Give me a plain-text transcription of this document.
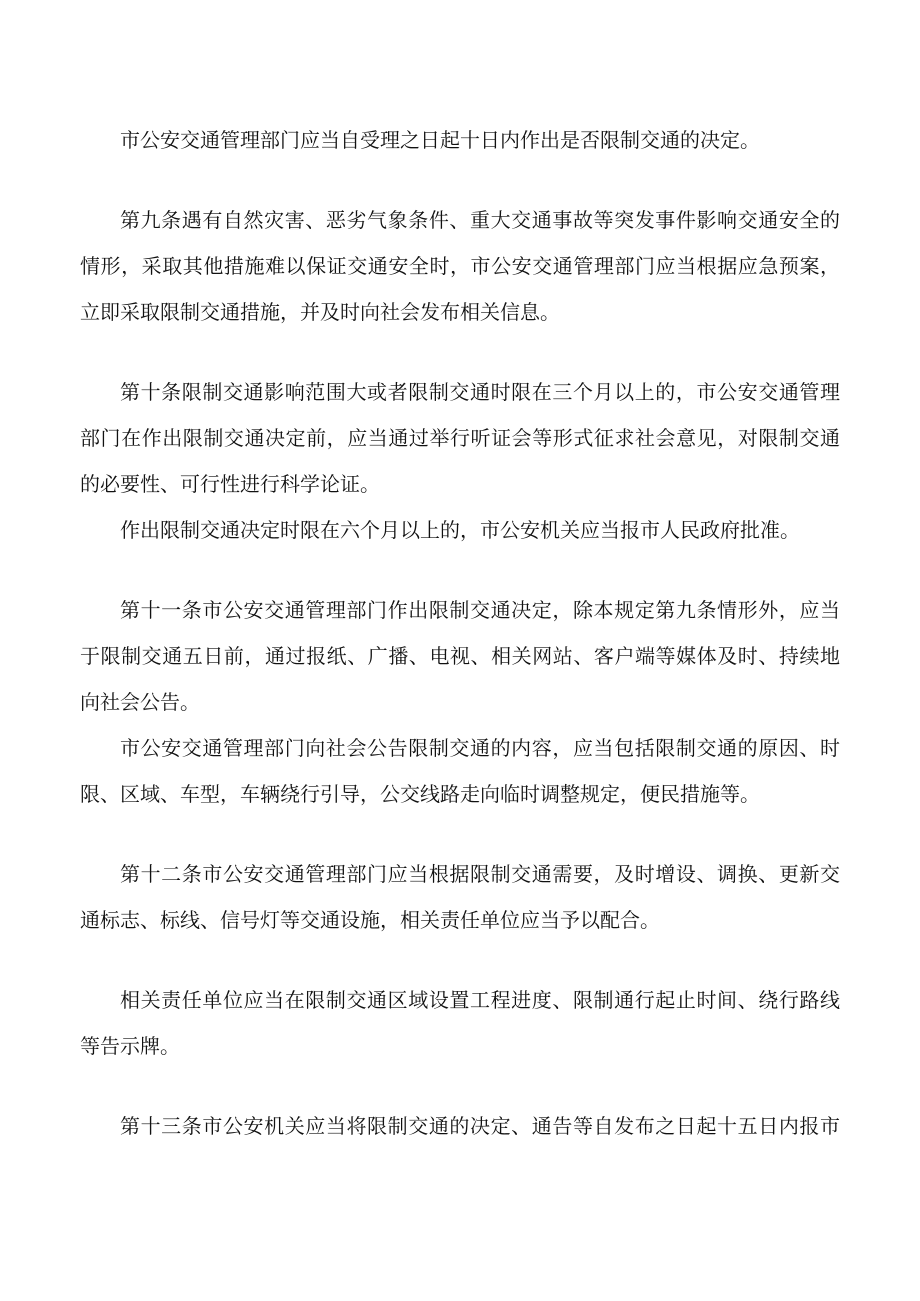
市公安交通管理部门应当自受理之日起十日内作出是否限制交通的决定。
第九条遇有自然灾害、恶劣气象条件、重大交通事故等突发事件影响交通安全的
情形，采取其他措施难以保证交通安全时，市公安交通管理部门应当根据应急预案，
立即采取限制交通措施，并及时向社会发布相关信息。
第十条限制交通影响范围大或者限制交通时限在三个月以上的，市公安交通管理
部门在作出限制交通决定前，应当通过举行听证会等形式征求社会意见，对限制交通
的必要性、可行性进行科学论证。
作出限制交通决定时限在六个月以上的，市公安机关应当报市人民政府批准。
第十一条市公安交通管理部门作出限制交通决定，除本规定第九条情形外，应当
于限制交通五日前，通过报纸、广播、电视、相关网站、客户端等媒体及时、持续地
向社会公告。
市公安交通管理部门向社会公告限制交通的内容，应当包括限制交通的原因、时
限、区域、车型，车辆绕行引导，公交线路走向临时调整规定，便民措施等。
第十二条市公安交通管理部门应当根据限制交通需要，及时增设、调换、更新交
通标志、标线、信号灯等交通设施，相关责任单位应当予以配合。
相关责任单位应当在限制交通区域设置工程进度、限制通行起止时间、绕行路线
等告示牌。
第十三条市公安机关应当将限制交通的决定、通告等自发布之日起十五日内报市
